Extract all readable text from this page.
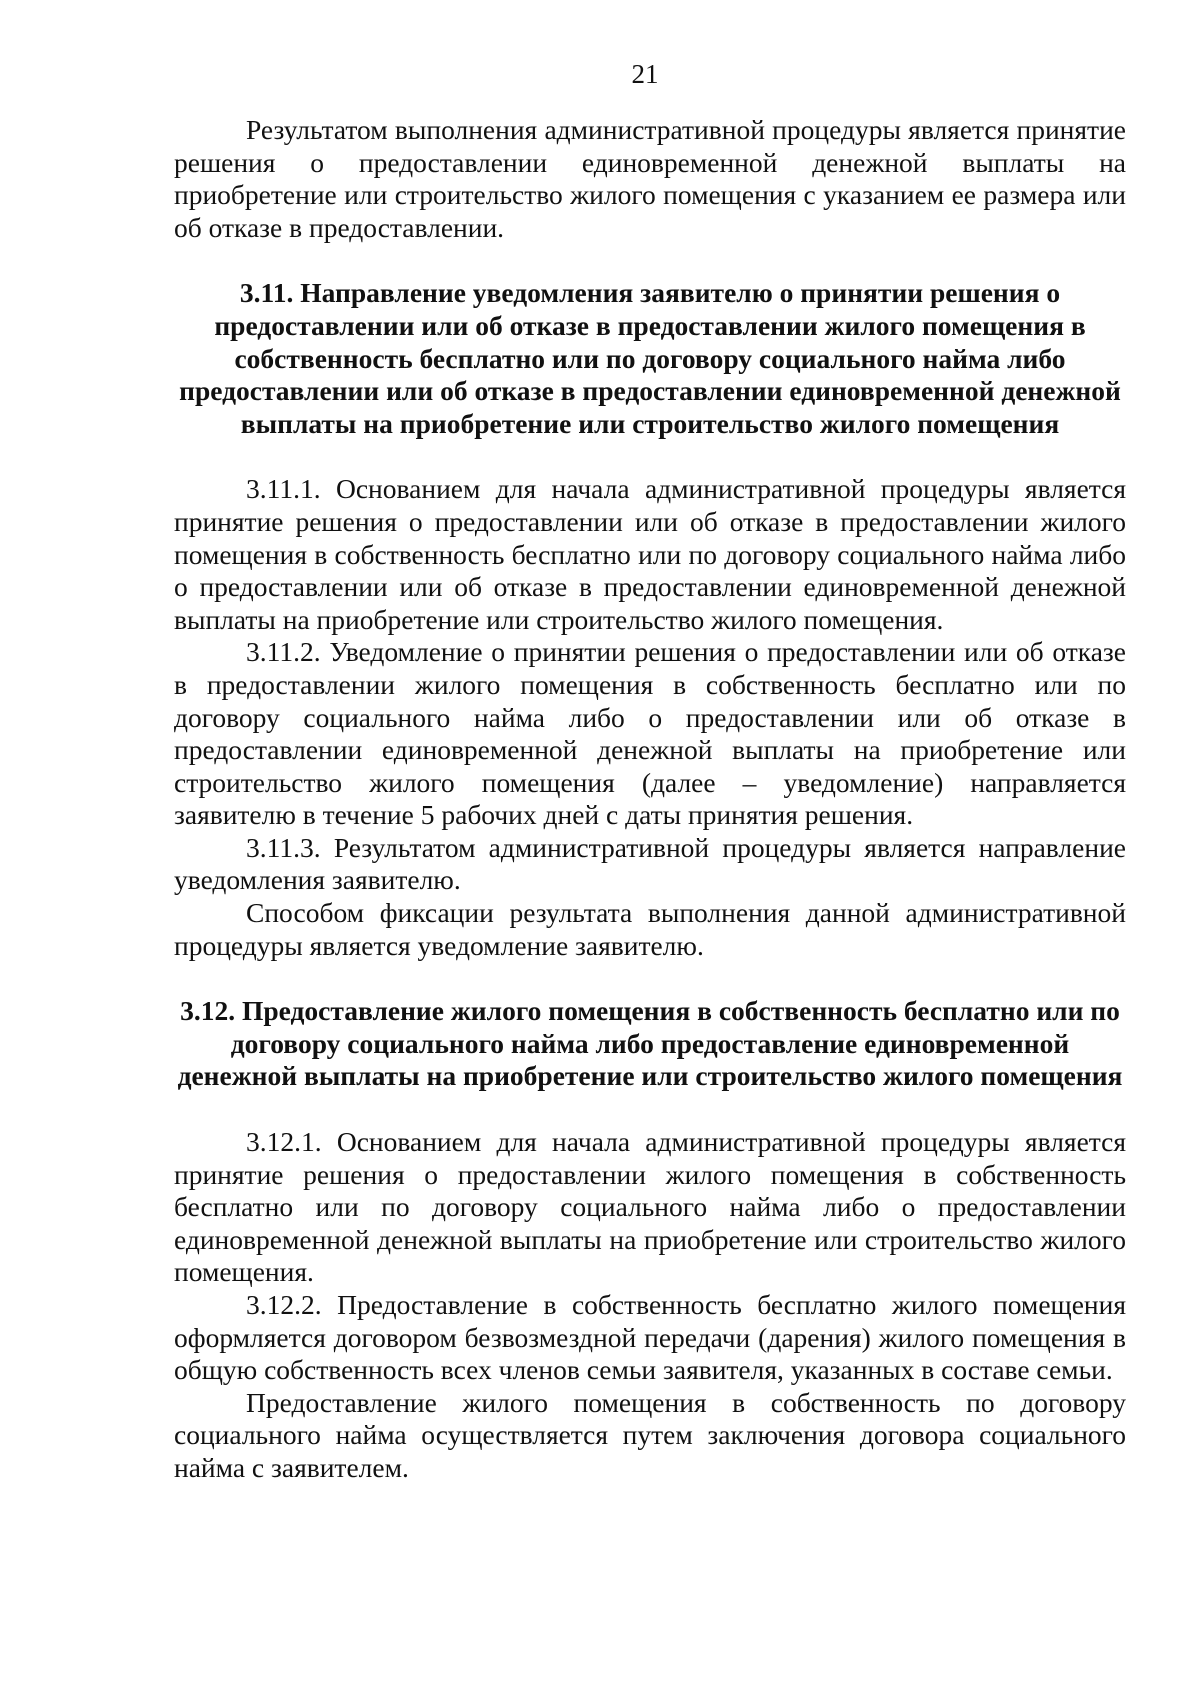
21

Результатом выполнения административной процедуры является принятие решения о предоставлении единовременной денежной выплаты на приобретение или строительство жилого помещения с указанием ее размера или об отказе в предоставлении.

3.11. Направление уведомления заявителю о принятии решения о предоставлении или об отказе в предоставлении жилого помещения в собственность бесплатно или по договору социального найма либо предоставлении или об отказе в предоставлении единовременной денежной выплаты на приобретение или строительство жилого помещения

3.11.1. Основанием для начала административной процедуры является принятие решения о предоставлении или об отказе в предоставлении жилого помещения в собственность бесплатно или по договору социального найма либо о предоставлении или об отказе в предоставлении единовременной денежной выплаты на приобретение или строительство жилого помещения.

3.11.2. Уведомление о принятии решения о предоставлении или об отказе в предоставлении жилого помещения в собственность бесплатно или по договору социального найма либо о предоставлении или об отказе в предоставлении единовременной денежной выплаты на приобретение или строительство жилого помещения (далее – уведомление) направляется заявителю в течение 5 рабочих дней с даты принятия решения.

3.11.3. Результатом административной процедуры является направление уведомления заявителю.

Способом фиксации результата выполнения данной административной процедуры является уведомление заявителю.

3.12. Предоставление жилого помещения в собственность бесплатно или по договору социального найма либо предоставление единовременной денежной выплаты на приобретение или строительство жилого помещения

3.12.1. Основанием для начала административной процедуры является принятие решения о предоставлении жилого помещения в собственность бесплатно или по договору социального найма либо о предоставлении единовременной денежной выплаты на приобретение или строительство жилого помещения.

3.12.2. Предоставление в собственность бесплатно жилого помещения оформляется договором безвозмездной передачи (дарения) жилого помещения в общую собственность всех членов семьи заявителя, указанных в составе семьи.

Предоставление жилого помещения в собственность по договору социального найма осуществляется путем заключения договора социального найма с заявителем.
